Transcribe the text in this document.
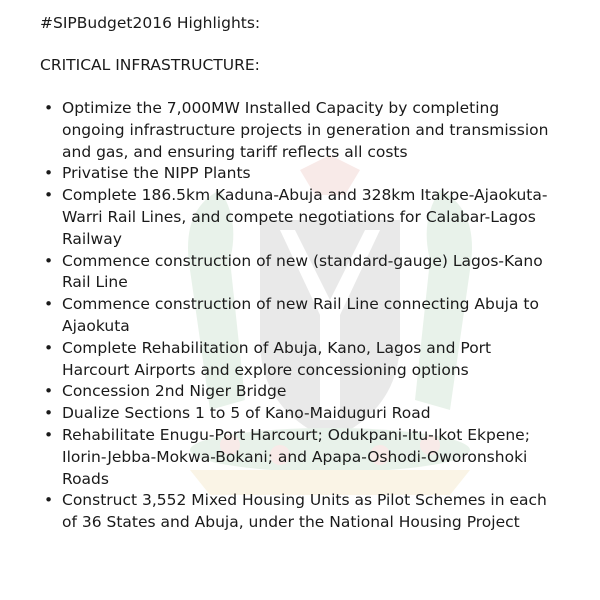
#SIPBudget2016 Highlights:

CRITICAL INFRASTRUCTURE:

• Optimize the 7,000MW Installed Capacity by completing ongoing infrastructure projects in generation and transmission and gas, and ensuring tariff reflects all costs
• Privatise the NIPP Plants
• Complete 186.5km Kaduna-Abuja and 328km Itakpe-Ajaokuta-Warri Rail Lines, and compete negotiations for Calabar-Lagos Railway
• Commence construction of new (standard-gauge) Lagos-Kano Rail Line
• Commence construction of new Rail Line connecting Abuja to Ajaokuta
• Complete Rehabilitation of Abuja, Kano, Lagos and Port Harcourt Airports and explore concessioning options
• Concession 2nd Niger Bridge
• Dualize Sections 1 to 5 of Kano-Maiduguri Road
• Rehabilitate Enugu-Port Harcourt; Odukpani-Itu-Ikot Ekpene; Ilorin-Jebba-Mokwa-Bokani; and Apapa-Oshodi-Oworonshoki Roads
• Construct 3,552 Mixed Housing Units as Pilot Schemes in each of 36 States and Abuja, under the National Housing Project
